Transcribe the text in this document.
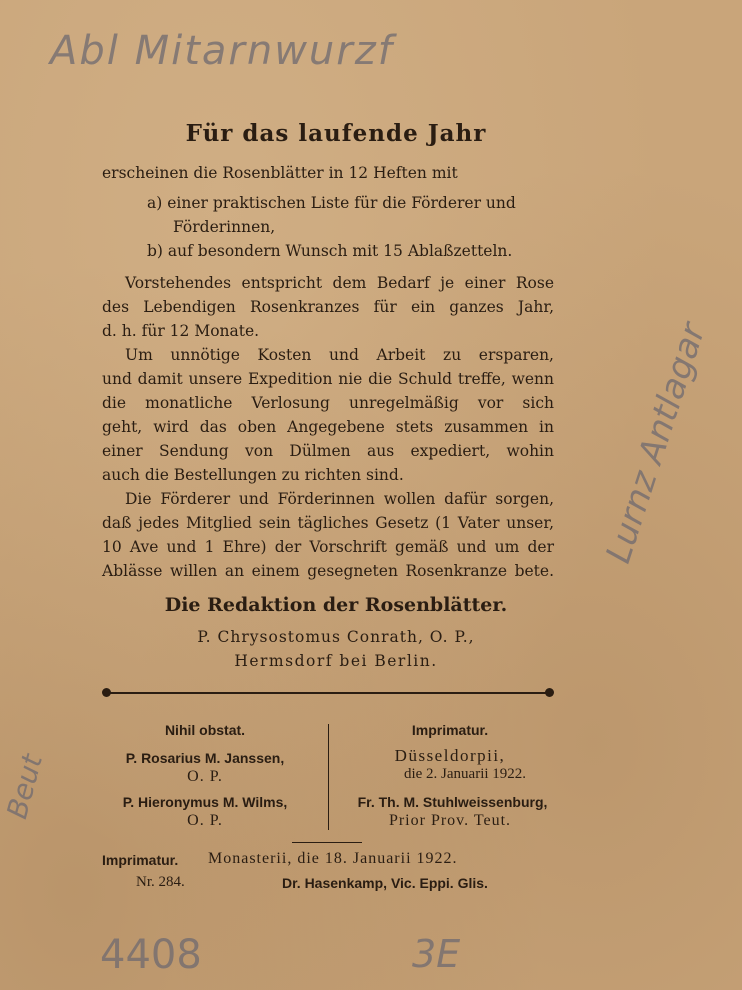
Abl Mitarnwurzf
Lurnz Antlagar
Beut
4408	3E
Für das laufende Jahr
erscheinen die Rosenblätter in 12 Heften mit
a) einer praktischen Liste für die Förderer und
Förderinnen,
b) auf besondern Wunsch mit 15 Ablaßzetteln.
Vorstehendes entspricht dem Bedarf je einer Rose
des Lebendigen Rosenkranzes für ein ganzes Jahr,
d. h. für 12 Monate.
Um unnötige Kosten und Arbeit zu ersparen,
und damit unsere Expedition nie die Schuld treffe, wenn
die monatliche Verlosung unregelmäßig vor sich
geht, wird das oben Angegebene stets zusammen in
einer Sendung von Dülmen aus expediert, wohin
auch die Bestellungen zu richten sind.
Die Förderer und Förderinnen wollen dafür sorgen,
daß jedes Mitglied sein tägliches Gesetz (1 Vater unser,
10 Ave und 1 Ehre) der Vorschrift gemäß und um der
Ablässe willen an einem gesegneten Rosenkranze bete.
Die Redaktion der Rosenblätter.
P. Chrysostomus Conrath, O. P.,
Hermsdorf bei Berlin.
Nihil obstat.
P. Rosarius M. Janssen,
O. P.
P. Hieronymus M. Wilms,
O. P.
Imprimatur.
Düsseldorpii,
die 2. Januarii 1922.
Fr. Th. M. Stuhlweissenburg,
Prior Prov. Teut.
Imprimatur. Monasterii, die 18. Januarii 1922.
Nr. 284.	Dr. Hasenkamp, Vic. Eppi. Glis.
